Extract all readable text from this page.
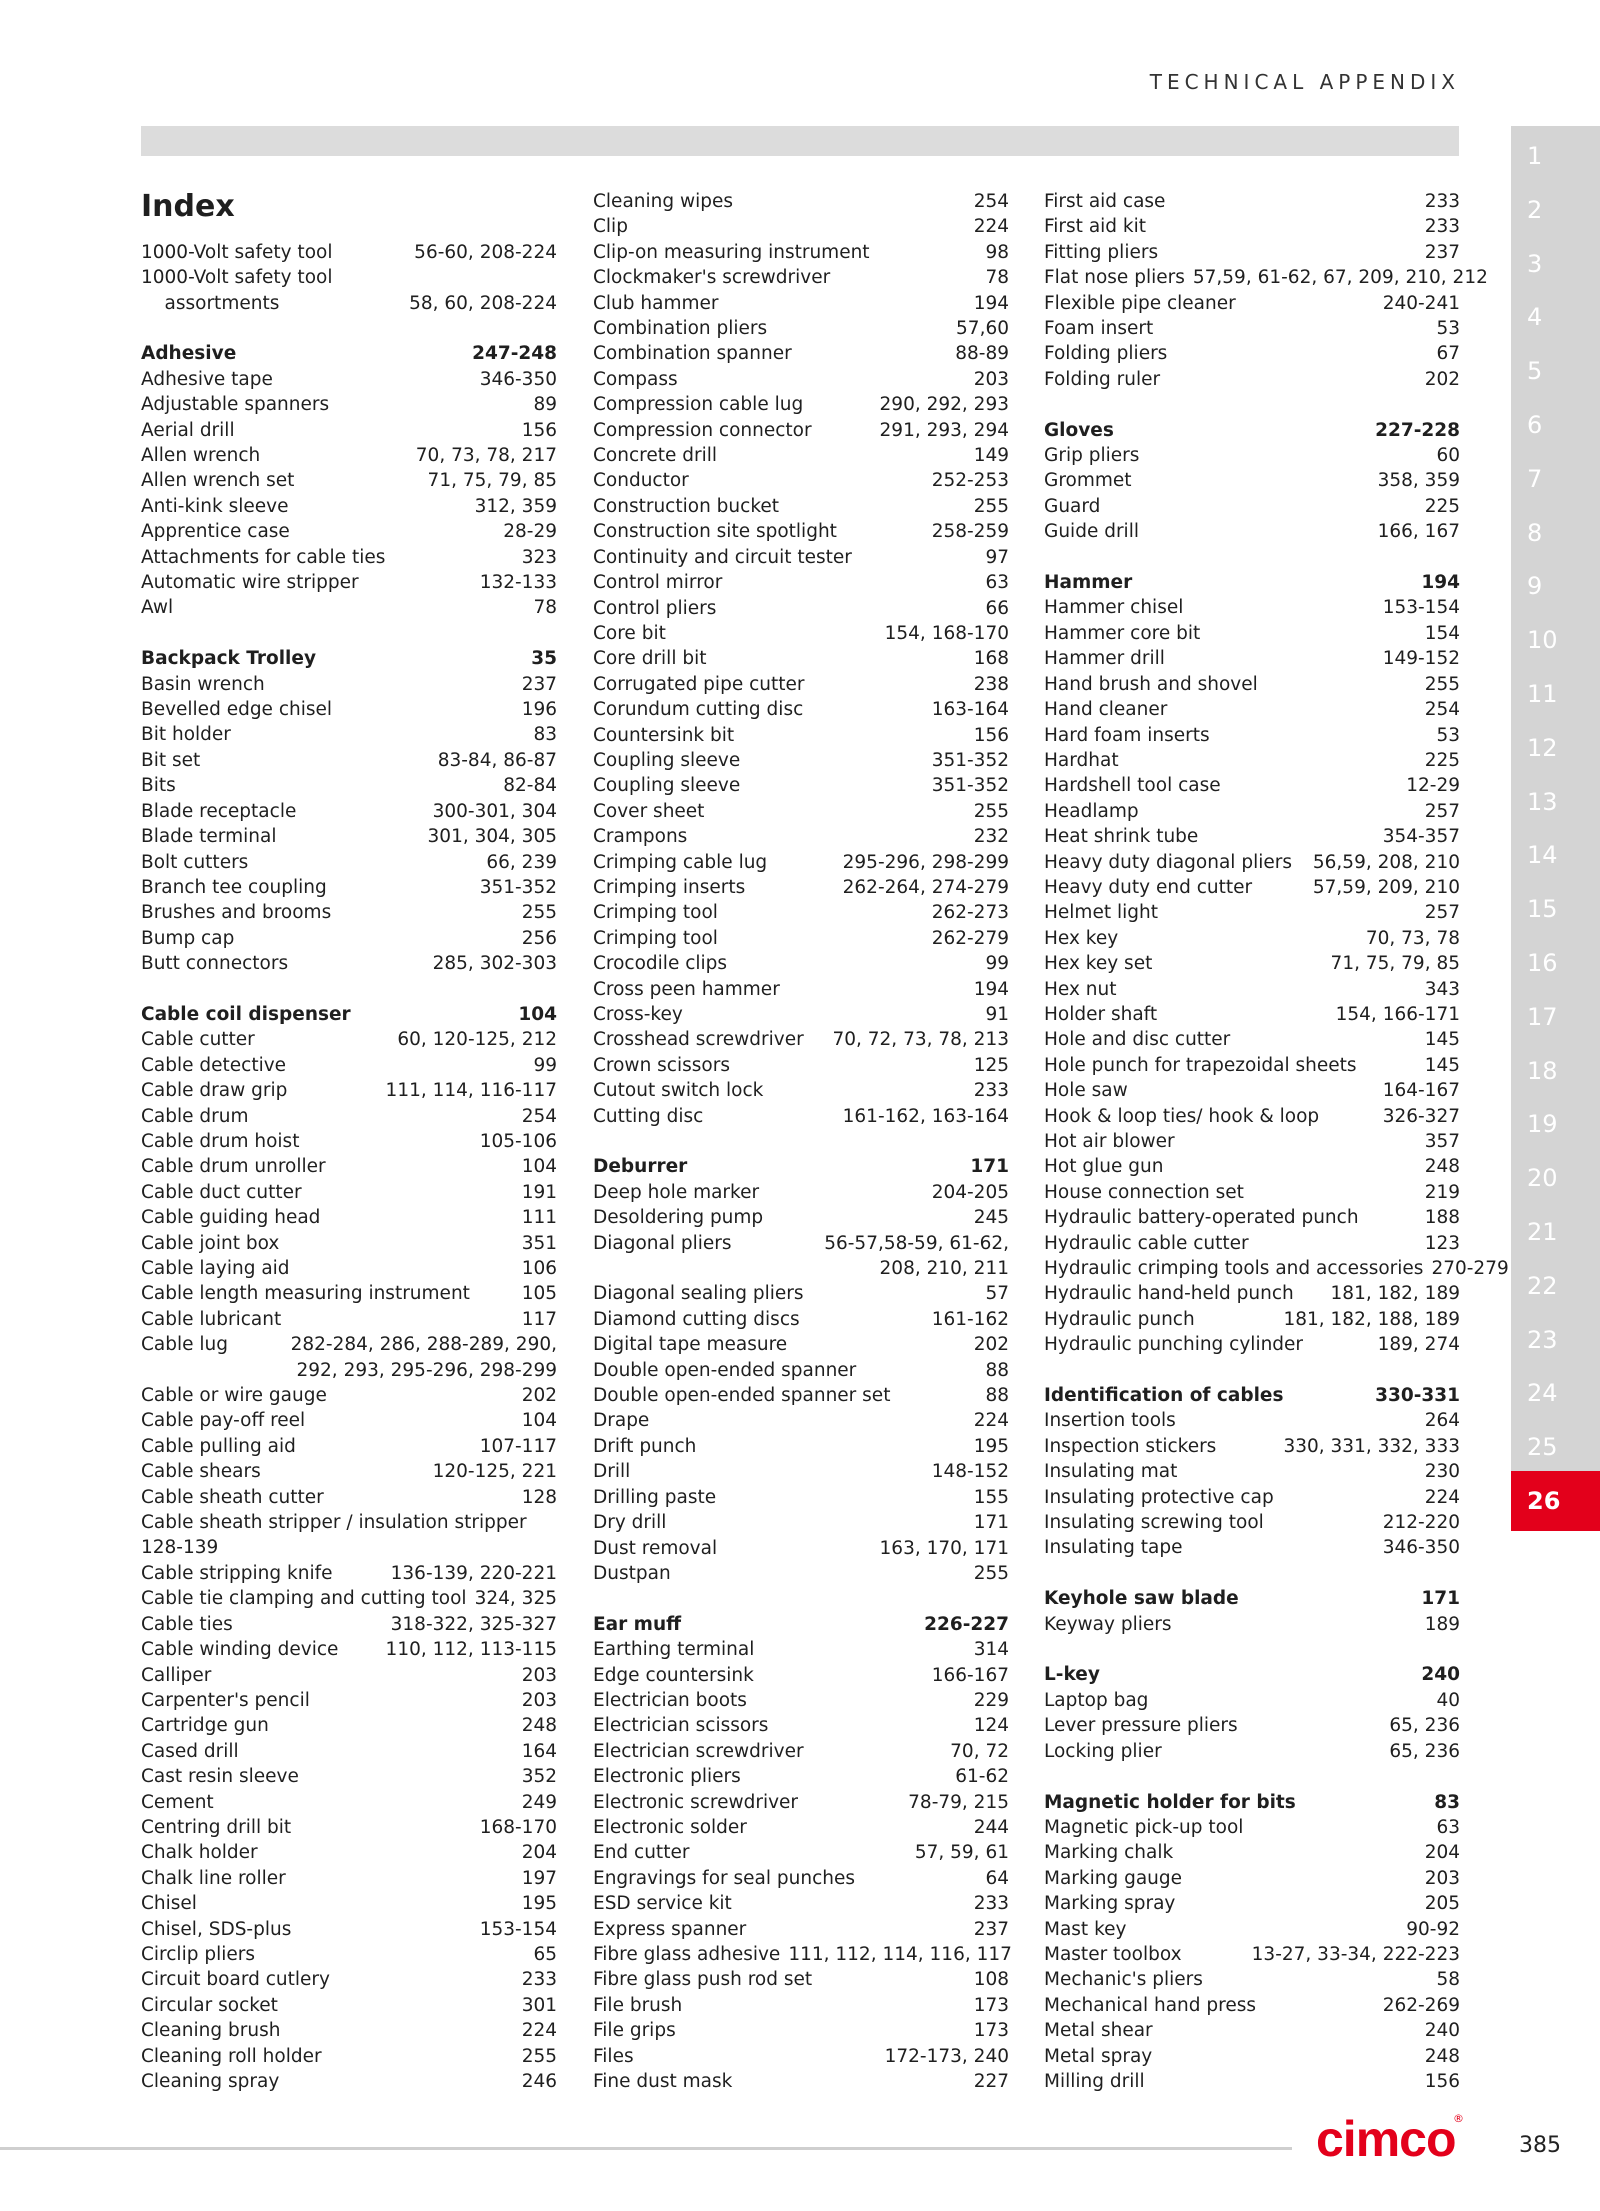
TECHNICAL APPENDIX
Index
1000-Volt safety tool	56-60, 208-224
1000-Volt safety tool
assortments	58, 60, 208-224
Adhesive	247-248
Adhesive tape	346-350
Adjustable spanners	89
Aerial drill	156
Allen wrench	70, 73, 78, 217
Allen wrench set	71, 75, 79, 85
Anti-kink sleeve	312, 359
Apprentice case	28-29
Attachments for cable ties	323
Automatic wire stripper	132-133
Awl	78
Backpack Trolley	35
Basin wrench	237
Bevelled edge chisel	196
Bit holder	83
Bit set	83-84, 86-87
Bits	82-84
Blade receptacle	300-301, 304
Blade terminal	301, 304, 305
Bolt cutters	66, 239
Branch tee coupling	351-352
Brushes and brooms	255
Bump cap	256
Butt connectors	285, 302-303
Cable coil dispenser	104
Cable cutter	60, 120-125, 212
Cable detective	99
Cable draw grip	111, 114, 116-117
Cable drum	254
Cable drum hoist	105-106
Cable drum unroller	104
Cable duct cutter	191
Cable guiding head	111
Cable joint box	351
Cable laying aid	106
Cable length measuring instrument	105
Cable lubricant	117
Cable lug	282-284, 286, 288-289, 290,
292, 293, 295-296, 298-299
Cable or wire gauge	202
Cable pay-off reel	104
Cable pulling aid	107-117
Cable shears	120-125, 221
Cable sheath cutter	128
Cable sheath stripper / insulation stripper 128-139
Cable stripping knife	136-139, 220-221
Cable tie clamping and cutting tool 324, 325
Cable ties	318-322, 325-327
Cable winding device	110, 112, 113-115
Calliper	203
Carpenter's pencil	203
Cartridge gun	248
Cased drill	164
Cast resin sleeve	352
Cement	249
Centring drill bit	168-170
Chalk holder	204
Chalk line roller	197
Chisel	195
Chisel, SDS-plus	153-154
Circlip pliers	65
Circuit board cutlery	233
Circular socket	301
Cleaning brush	224
Cleaning roll holder	255
Cleaning spray	246
Cleaning wipes	254
Clip	224
Clip-on measuring instrument	98
Clockmaker's screwdriver	78
Club hammer	194
Combination pliers	57,60
Combination spanner	88-89
Compass	203
Compression cable lug	290, 292, 293
Compression connector	291, 293, 294
Concrete drill	149
Conductor	252-253
Construction bucket	255
Construction site spotlight	258-259
Continuity and circuit tester	97
Control mirror	63
Control pliers	66
Core bit	154, 168-170
Core drill bit	168
Corrugated pipe cutter	238
Corundum cutting disc	163-164
Countersink bit	156
Coupling sleeve	351-352
Coupling sleeve	351-352
Cover sheet	255
Crampons	232
Crimping cable lug	295-296, 298-299
Crimping inserts	262-264, 274-279
Crimping tool	262-273
Crimping tool	262-279
Crocodile clips	99
Cross peen hammer	194
Cross-key	91
Crosshead screwdriver	70, 72, 73, 78, 213
Crown scissors	125
Cutout switch lock	233
Cutting disc	161-162, 163-164
Deburrer	171
Deep hole marker	204-205
Desoldering pump	245
Diagonal pliers	56-57,58-59, 61-62,
208, 210, 211
Diagonal sealing pliers	57
Diamond cutting discs	161-162
Digital tape measure	202
Double open-ended spanner	88
Double open-ended spanner set	88
Drape	224
Drift punch	195
Drill	148-152
Drilling paste	155
Dry drill	171
Dust removal	163, 170, 171
Dustpan	255
Ear muff	226-227
Earthing terminal	314
Edge countersink	166-167
Electrician boots	229
Electrician scissors	124
Electrician screwdriver	70, 72
Electronic pliers	61-62
Electronic screwdriver	78-79, 215
Electronic solder	244
End cutter	57, 59, 61
Engravings for seal punches	64
ESD service kit	233
Express spanner	237
Fibre glass adhesive 111, 112, 114, 116, 117
Fibre glass push rod set	108
File brush	173
File grips	173
Files	172-173, 240
Fine dust mask	227
First aid case	233
First aid kit	233
Fitting pliers	237
Flat nose pliers 57,59, 61-62, 67, 209, 210, 212
Flexible pipe cleaner	240-241
Foam insert	53
Folding pliers	67
Folding ruler	202
Gloves	227-228
Grip pliers	60
Grommet	358, 359
Guard	225
Guide drill	166, 167
Hammer	194
Hammer chisel	153-154
Hammer core bit	154
Hammer drill	149-152
Hand brush and shovel	255
Hand cleaner	254
Hard foam inserts	53
Hardhat	225
Hardshell tool case	12-29
Headlamp	257
Heat shrink tube	354-357
Heavy duty diagonal pliers	56,59, 208, 210
Heavy duty end cutter	57,59, 209, 210
Helmet light	257
Hex key	70, 73, 78
Hex key set	71, 75, 79, 85
Hex nut	343
Holder shaft	154, 166-171
Hole and disc cutter	145
Hole punch for trapezoidal sheets	145
Hole saw	164-167
Hook & loop ties/ hook & loop	326-327
Hot air blower	357
Hot glue gun	248
House connection set	219
Hydraulic battery-operated punch	188
Hydraulic cable cutter	123
Hydraulic crimping tools and accessories 270-279
Hydraulic hand-held punch	181, 182, 189
Hydraulic punch	181, 182, 188, 189
Hydraulic punching cylinder	189, 274
Identification of cables	330-331
Insertion tools	264
Inspection stickers	330, 331, 332, 333
Insulating mat	230
Insulating protective cap	224
Insulating screwing tool	212-220
Insulating tape	346-350
Keyhole saw blade	171
Keyway pliers	189
L-key	240
Laptop bag	40
Lever pressure pliers	65, 236
Locking plier	65, 236
Magnetic holder for bits	83
Magnetic pick-up tool	63
Marking chalk	204
Marking gauge	203
Marking spray	205
Mast key	90-92
Master toolbox	13-27, 33-34, 222-223
Mechanic's pliers	58
Mechanical hand press	262-269
Metal shear	240
Metal spray	248
Milling drill	156
1
2
3
4
5
6
7
8
9
10
11
12
13
14
15
16
17
18
19
20
21
22
23
24
25
26
cimco
®
385
